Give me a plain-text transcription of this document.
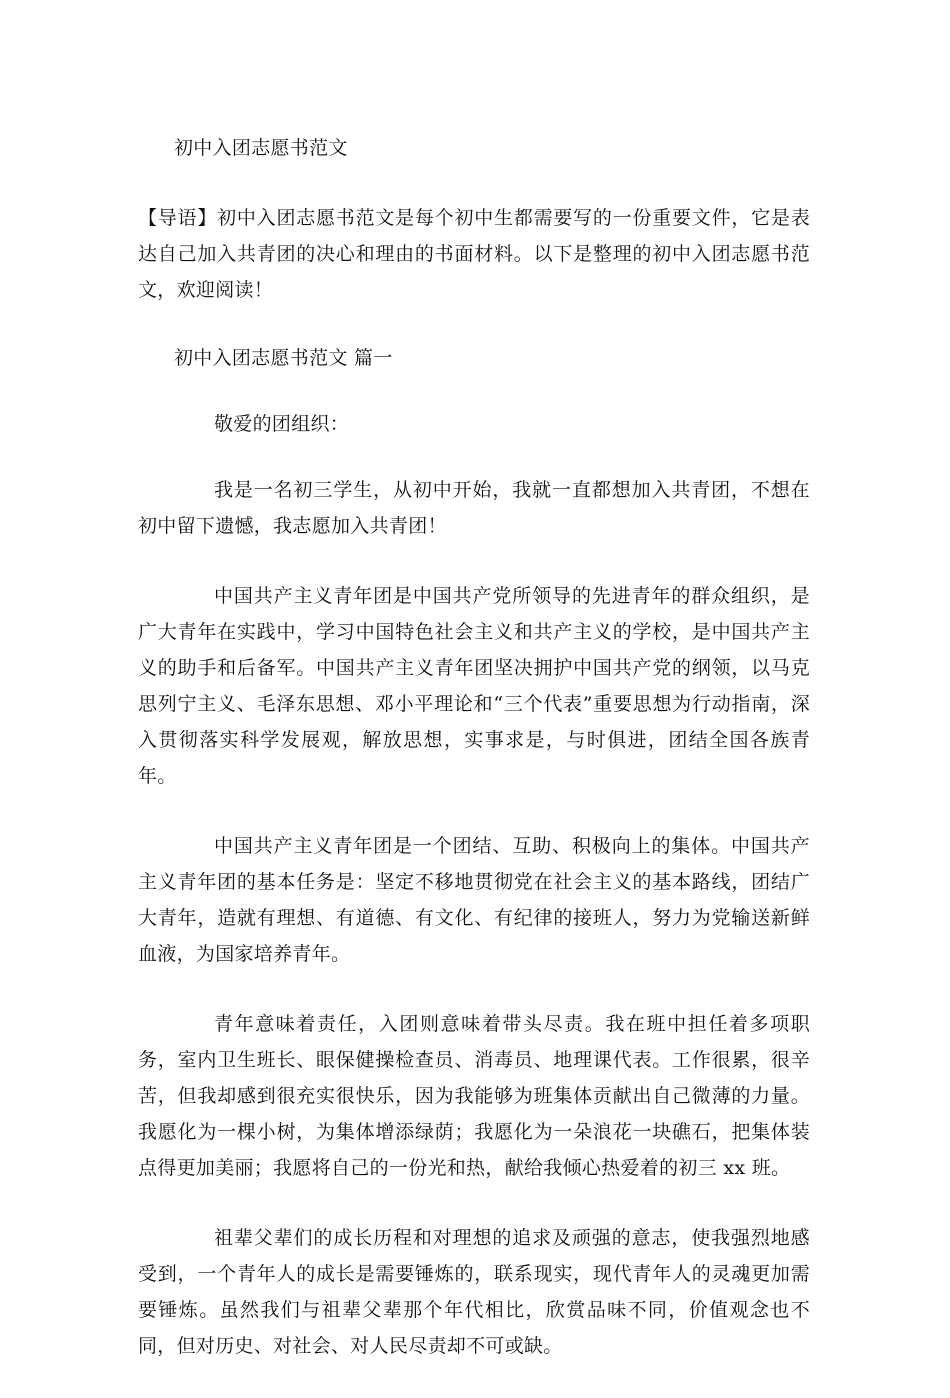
初中入团志愿书范文

【导语】初中入团志愿书范文是每个初中生都需要写的一份重要文件，它是表达自己加入共青团的决心和理由的书面材料。以下是整理的初中入团志愿书范文，欢迎阅读！

初中入团志愿书范文 篇一

敬爱的团组织：

我是一名初三学生，从初中开始，我就一直都想加入共青团，不想在初中留下遗憾，我志愿加入共青团！

中国共产主义青年团是中国共产党所领导的先进青年的群众组织，是广大青年在实践中，学习中国特色社会主义和共产主义的学校，是中国共产主义的助手和后备军。中国共产主义青年团坚决拥护中国共产党的纲领，以马克思列宁主义、毛泽东思想、邓小平理论和“三个代表”重要思想为行动指南，深入贯彻落实科学发展观，解放思想，实事求是，与时俱进，团结全国各族青年。

中国共产主义青年团是一个团结、互助、积极向上的集体。中国共产主义青年团的基本任务是：坚定不移地贯彻党在社会主义的基本路线，团结广大青年，造就有理想、有道德、有文化、有纪律的接班人，努力为党输送新鲜血液，为国家培养青年。

青年意味着责任，入团则意味着带头尽责。我在班中担任着多项职务，室内卫生班长、眼保健操检查员、消毒员、地理课代表。工作很累，很辛苦，但我却感到很充实很快乐，因为我能够为班集体贡献出自己微薄的力量。我愿化为一棵小树，为集体增添绿荫；我愿化为一朵浪花一块礁石，把集体装点得更加美丽；我愿将自己的一份光和热，献给我倾心热爱着的初三 xx 班。

祖辈父辈们的成长历程和对理想的追求及顽强的意志，使我强烈地感受到，一个青年人的成长是需要锤炼的，联系现实，现代青年人的灵魂更加需要锤炼。虽然我们与祖辈父辈那个年代相比，欣赏品味不同，价值观念也不同，但对历史、对社会、对人民尽责却不可或缺。
